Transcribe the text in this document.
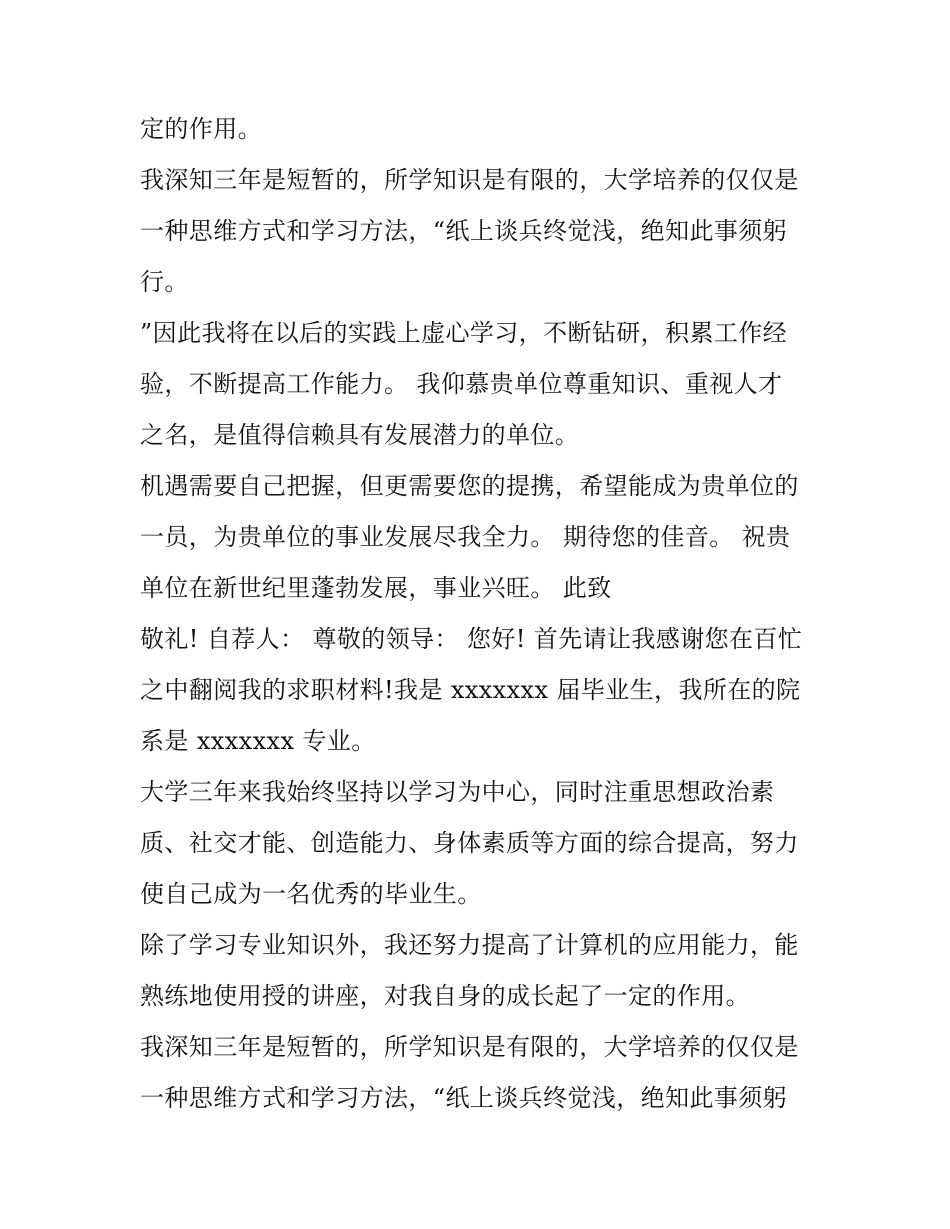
定的作用。
我深知三年是短暂的，所学知识是有限的，大学培养的仅仅是
一种思维方式和学习方法，“纸上谈兵终觉浅，绝知此事须躬
行。
”因此我将在以后的实践上虚心学习，不断钻研，积累工作经
验，不断提高工作能力。 我仰慕贵单位尊重知识、重视人才
之名，是值得信赖具有发展潜力的单位。
机遇需要自己把握，但更需要您的提携，希望能成为贵单位的
一员，为贵单位的事业发展尽我全力。 期待您的佳音。 祝贵
单位在新世纪里蓬勃发展，事业兴旺。 此致
敬礼! 自荐人： 尊敬的领导： 您好! 首先请让我感谢您在百忙
之中翻阅我的求职材料!我是 xxxxxxx 届毕业生，我所在的院
系是 xxxxxxx 专业。
大学三年来我始终坚持以学习为中心，同时注重思想政治素
质、社交才能、创造能力、身体素质等方面的综合提高，努力
使自己成为一名优秀的毕业生。
除了学习专业知识外，我还努力提高了计算机的应用能力，能
熟练地使用授的讲座，对我自身的成长起了一定的作用。
我深知三年是短暂的，所学知识是有限的，大学培养的仅仅是
一种思维方式和学习方法，“纸上谈兵终觉浅，绝知此事须躬
